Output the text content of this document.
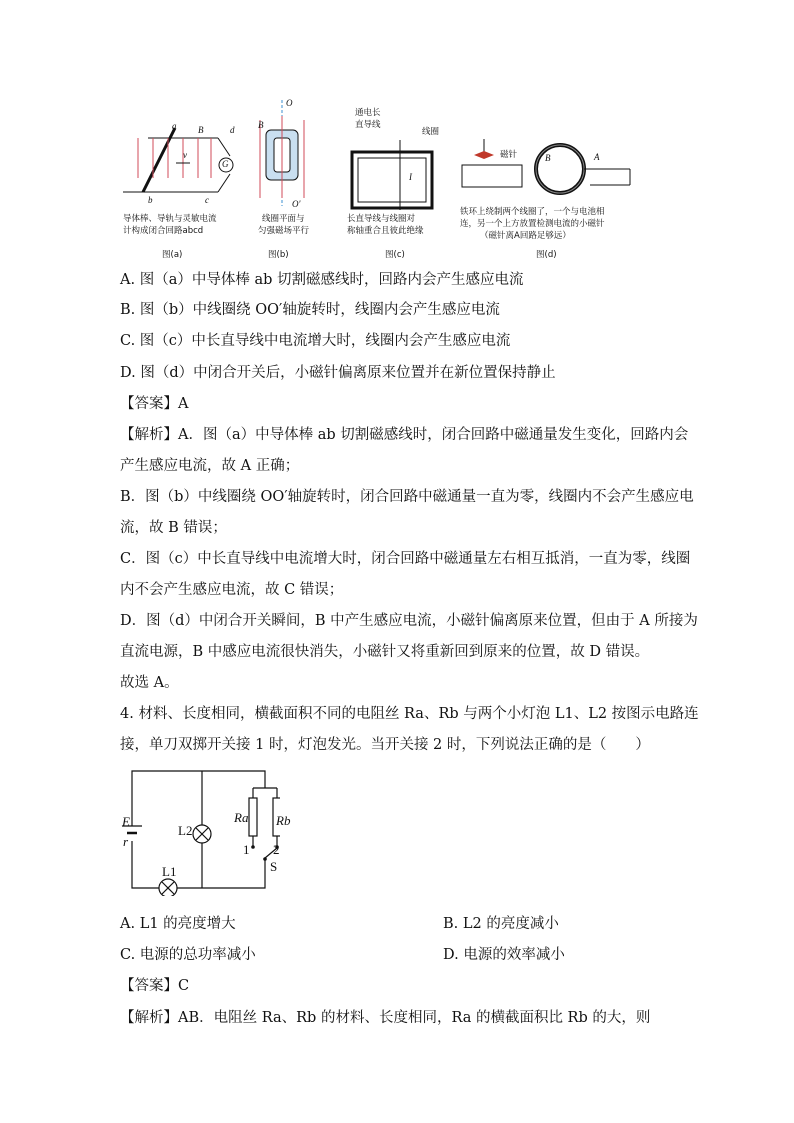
a B	d
v
G
b	c
导体棒、导轨与灵敏电流
计构成闭合回路abcd
图(a)
O
B
O'
线圈平面与
匀强磁场平行
图(b)
通电长
直导线
线圈
I
长直导线与线圈对
称轴重合且彼此绝缘
图(c)
磁针	B	A
铁环上绕制两个线圈了，一个与电池相
连，另一个上方放置检测电流的小磁针
（磁针离A回路足够远）
图(d)
A. 图（a）中导体棒 ab 切割磁感线时，回路内会产生感应电流
B. 图（b）中线圈绕 OO′轴旋转时，线圈内会产生感应电流
C. 图（c）中长直导线中电流增大时，线圈内会产生感应电流
D. 图（d）中闭合开关后，小磁针偏离原来位置并在新位置保持静止
【答案】A
【解析】A．图（a）中导体棒 ab 切割磁感线时，闭合回路中磁通量发生变化，回路内会
产生感应电流，故 A 正确；
B．图（b）中线圈绕 OO′轴旋转时，闭合回路中磁通量一直为零，线圈内不会产生感应电
流，故 B 错误；
C．图（c）中长直导线中电流增大时，闭合回路中磁通量左右相互抵消，一直为零，线圈
内不会产生感应电流，故 C 错误；
D．图（d）中闭合开关瞬间，B 中产生感应电流，小磁针偏离原来位置，但由于 A 所接为
直流电源，B 中感应电流很快消失，小磁针又将重新回到原来的位置，故 D 错误。
故选 A。
4. 材料、长度相同，横截面积不同的电阻丝 Ra、Rb 与两个小灯泡 L1、L2 按图示电路连
接，单刀双掷开关接 1 时，灯泡发光。当开关接 2 时，下列说法正确的是（　　）
E
r
L2
L1
Ra Rb
1 2
S
A. L1 的亮度增大	B. L2 的亮度减小
C. 电源的总功率减小	D. 电源的效率减小
【答案】C
【解析】AB．电阻丝 Ra、Rb 的材料、长度相同，Ra 的横截面积比 Rb 的大，则
